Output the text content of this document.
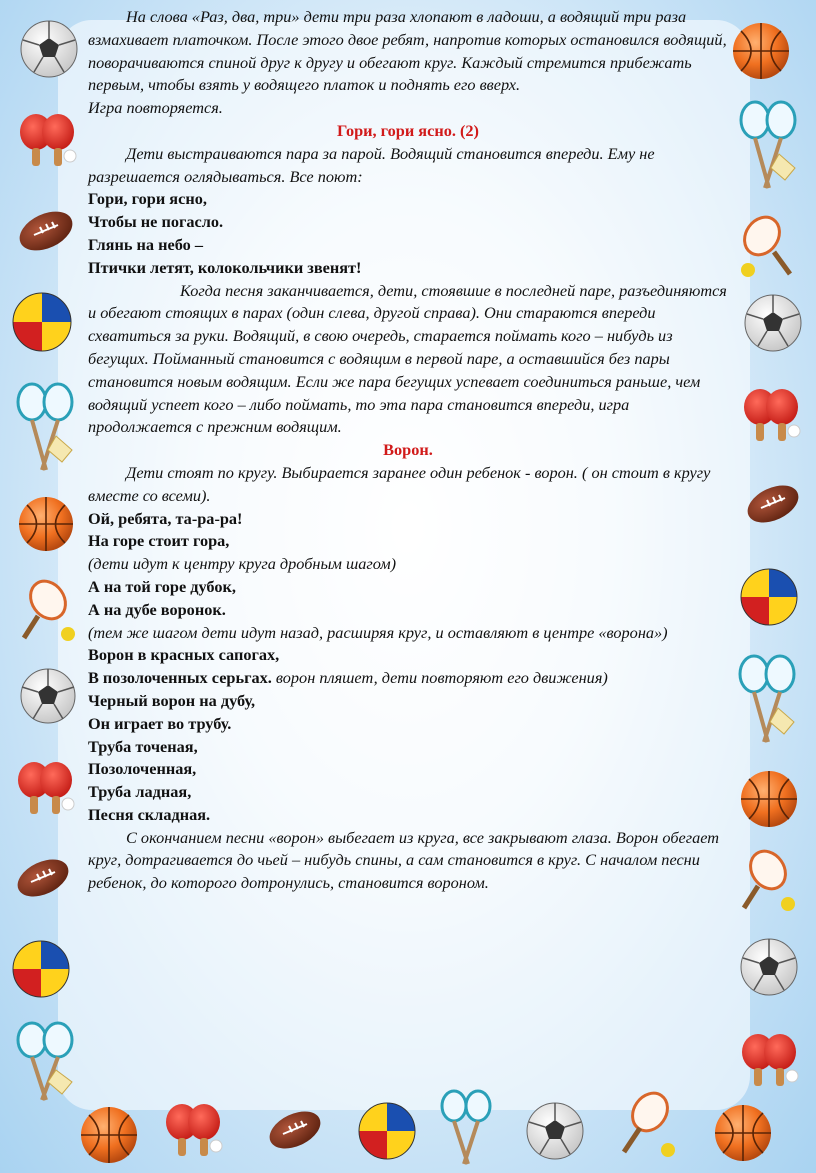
На слова «Раз, два, три» дети три раза хлопают в ладоши, а водящий три раза взмахивает платочком. После этого двое ребят, напротив которых остановился водящий, поворачиваются спиной друг к другу и обегают круг. Каждый стремится прибежать первым, чтобы взять у водящего платок и поднять его вверх.

Игра повторяется.

Гори, гори ясно. (2)

Дети выстраиваются пара за парой. Водящий становится впереди. Ему не разрешается оглядываться. Все поют:

Гори, гори ясно,

Чтобы не погасло.

Глянь на небо –

Птички летят, колокольчики звенят!

Когда песня заканчивается, дети, стоявшие в последней паре, разъединяются и обегают стоящих в парах (один слева, другой справа). Они стараются впереди схватиться за руки. Водящий, в свою очередь, старается поймать кого – нибудь из бегущих. Пойманный становится с водящим в первой паре, а оставшийся без пары становится новым водящим. Если же пара бегущих успевает соединиться раньше, чем водящий успеет кого – либо поймать, то эта пара становится впереди, игра продолжается с прежним водящим.

Ворон.

Дети стоят по кругу. Выбирается заранее один ребенок - ворон. ( он стоит в кругу вместе со всеми).

Ой, ребята, та-ра-ра!

На горе стоит гора,

(дети идут к центру круга дробным шагом)

А на той горе дубок,

А на дубе воронок.

(тем же шагом дети идут назад, расширяя круг, и оставляют в центре «ворона»)

Ворон в красных сапогах,

В позолоченных серьгах. ворон пляшет, дети повторяют его движения)

Черный ворон на дубу,

Он играет во трубу.

Труба точеная,

Позолоченная,

Труба ладная,

Песня складная.

С окончанием песни «ворон» выбегает из круга, все закрывают глаза. Ворон обегает круг, дотрагивается до чьей – нибудь спины, а сам становится в круг. С началом песни ребенок, до которого дотронулись, становится вороном.
